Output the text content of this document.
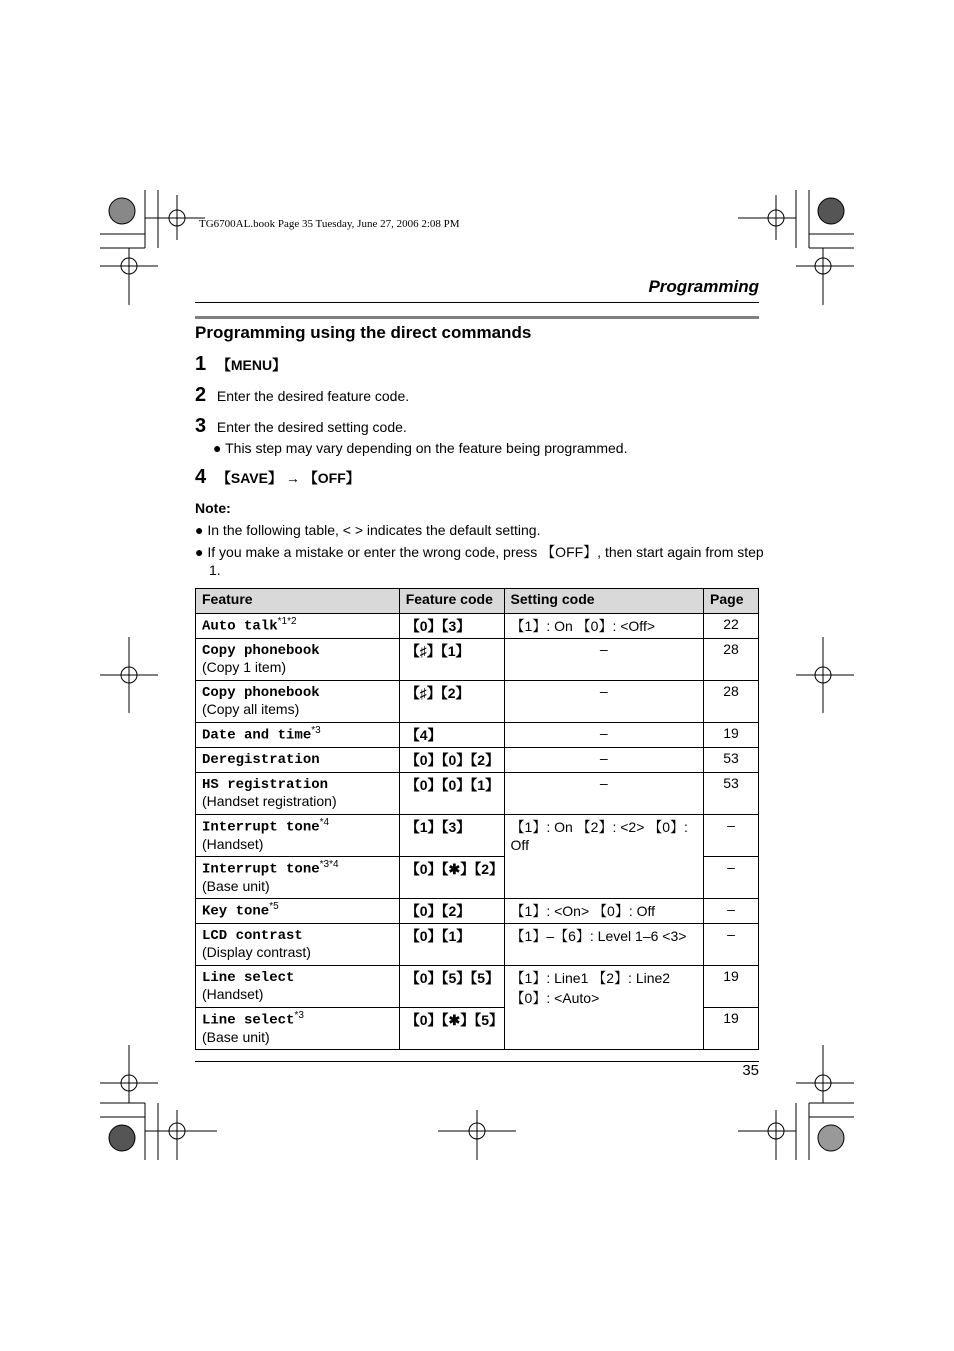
TG6700AL.book Page 35 Tuesday, June 27, 2006 2:08 PM
Programming
Programming using the direct commands
1 【MENU】
2 Enter the desired feature code.
3 Enter the desired setting code.
● This step may vary depending on the feature being programmed.
4 【SAVE】 → 【OFF】
Note:
● In the following table, < > indicates the default setting.
● If you make a mistake or enter the wrong code, press 【OFF】, then start again from step 1.
Feature	Feature code	Setting code	Page
Auto talk$^{*1*2}$	【0】【3】	【1】: On 【0】: <Off>	22
Copy phonebook
(Copy 1 item)	【♯】【1】	–	28
Copy phonebook
(Copy all items)	【♯】【2】	–	28
Date and time$^{*3}$	【4】	–	19
Deregistration	【0】【0】【2】	–	53
HS registration
(Handset registration)	【0】【0】【1】	–	53
Interrupt tone$^{*4}$
(Handset)	【1】【3】	【1】: On 【2】: <2> 【0】: Off	–
Interrupt tone$^{*3*4}$
(Base unit)	【0】【✱】【2】		–
Key tone$^{*5}$	【0】【2】	【1】: <On> 【0】: Off	–
LCD contrast
(Display contrast)	【0】【1】	【1】–【6】: Level 1–6 <3>	–
Line select
(Handset)	【0】【5】【5】	【1】: Line1 【2】: Line2
【0】: <Auto>	19
Line select$^{*3}$
(Base unit)	【0】【✱】【5】		19
35
